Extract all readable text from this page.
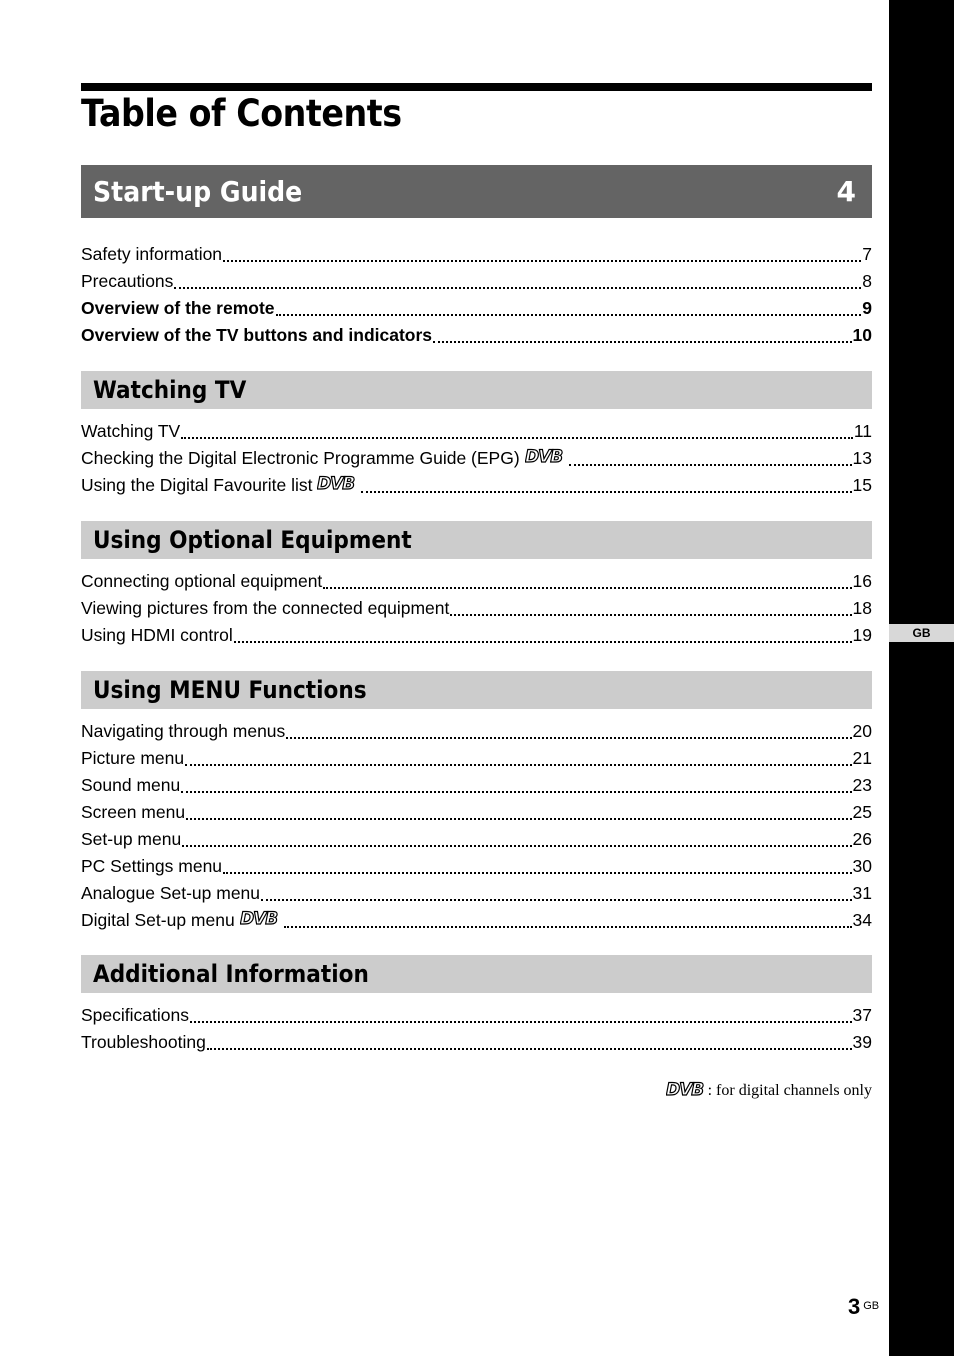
GB
Table of Contents
Start-up Guide	4
Safety information	7
Precautions	8
Overview of the remote	9
Overview of the TV buttons and indicators	10
Watching TV
Watching TV	11
Checking the Digital Electronic Programme Guide (EPG) DVB	13
Using the Digital Favourite list DVB	15
Using Optional Equipment
Connecting optional equipment	16
Viewing pictures from the connected equipment	18
Using HDMI control	19
Using MENU Functions
Navigating through menus	20
Picture menu	21
Sound menu	23
Screen menu	25
Set-up menu	26
PC Settings menu	30
Analogue Set-up menu	31
Digital Set-up menu DVB	34
Additional Information
Specifications	37
Troubleshooting	39
DVB : for digital channels only
3 GB
